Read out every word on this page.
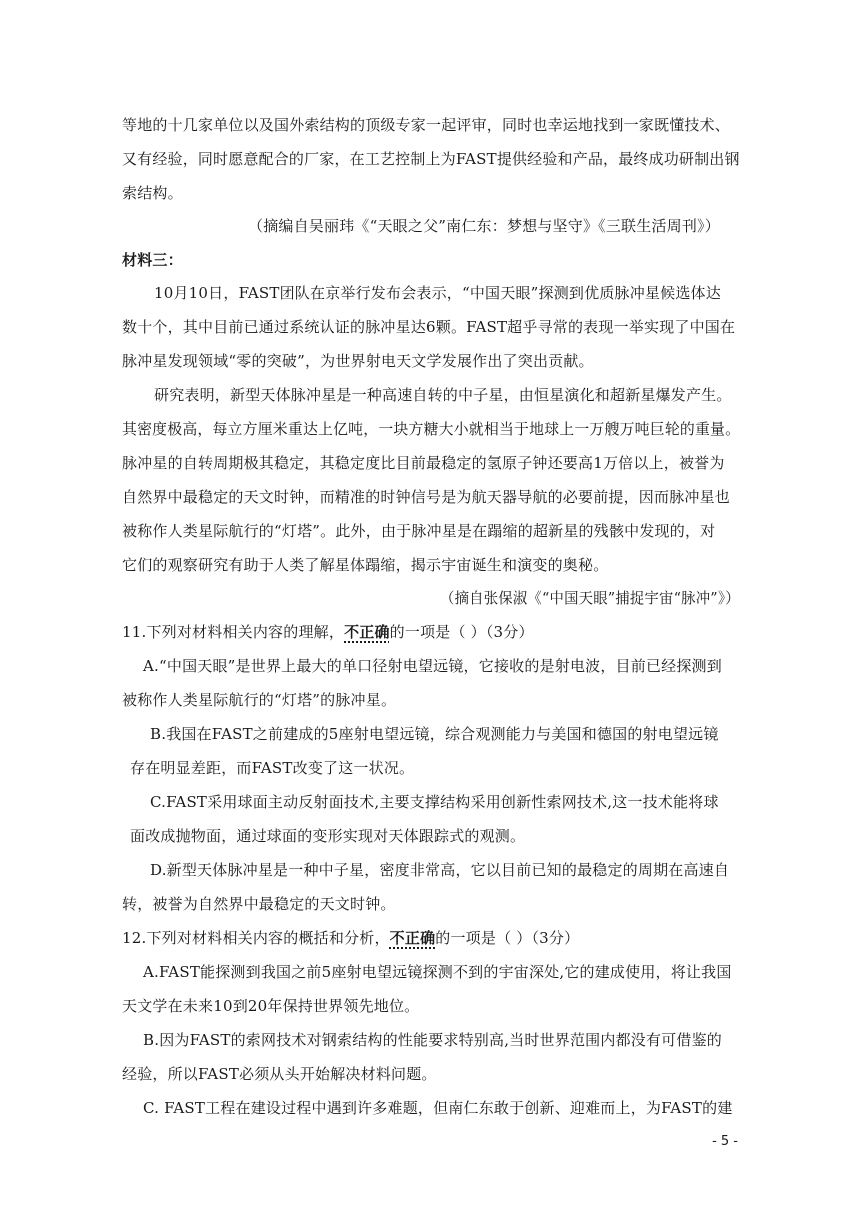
等地的十几家单位以及国外索结构的顶级专家一起评审，同时也幸运地找到一家既懂技术、
又有经验，同时愿意配合的厂家，在工艺控制上为FAST提供经验和产品，最终成功研制出钢
索结构。
（摘编自吴丽玮《“天眼之父”南仁东：梦想与坚守》《三联生活周刊》）
材料三：
10月10日，FAST团队在京举行发布会表示，“中国天眼”探测到优质脉冲星候选体达
数十个，其中目前已通过系统认证的脉冲星达6颗。FAST超乎寻常的表现一举实现了中国在
脉冲星发现领域“零的突破”，为世界射电天文学发展作出了突出贡献。
研究表明，新型天体脉冲星是一种高速自转的中子星，由恒星演化和超新星爆发产生。
其密度极高，每立方厘米重达上亿吨，一块方糖大小就相当于地球上一万艘万吨巨轮的重量。
脉冲星的自转周期极其稳定，其稳定度比目前最稳定的氢原子钟还要高1万倍以上，被誉为
自然界中最稳定的天文时钟，而精准的时钟信号是为航天器导航的必要前提，因而脉冲星也
被称作人类星际航行的“灯塔”。此外，由于脉冲星是在蹋缩的超新星的残骸中发现的，对
它们的观察研究有助于人类了解星体蹋缩，揭示宇宙诞生和演变的奥秘。
（摘自张保淑《“中国天眼”捕捉宇宙“脉冲”》）
11.下列对材料相关内容的理解，不正确的一项是（ ）（3分）
A.“中国天眼”是世界上最大的单口径射电望远镜，它接收的是射电波，目前已经探测到
被称作人类星际航行的“灯塔”的脉冲星。
B.我国在FAST之前建成的5座射电望远镜，综合观测能力与美国和德国的射电望远镜
存在明显差距，而FAST改变了这一状况。
C.FAST采用球面主动反射面技术,主要支撑结构采用创新性索网技术,这一技术能将球
面改成抛物面，通过球面的变形实现对天体跟踪式的观测。
D.新型天体脉冲星是一种中子星，密度非常高，它以目前已知的最稳定的周期在高速自
转，被誉为自然界中最稳定的天文时钟。
12.下列对材料相关内容的概括和分析，不正确的一项是（ ）（3分）
A.FAST能探测到我国之前5座射电望远镜探测不到的宇宙深处,它的建成使用，将让我国
天文学在未来10到20年保持世界领先地位。
B.因为FAST的索网技术对钢索结构的性能要求特别高,当时世界范围内都没有可借鉴的
经验，所以FAST必须从头开始解决材料问题。
C. FAST工程在建设过程中遇到许多难题，但南仁东敢于创新、迎难而上，为FAST的建
- 5 -
